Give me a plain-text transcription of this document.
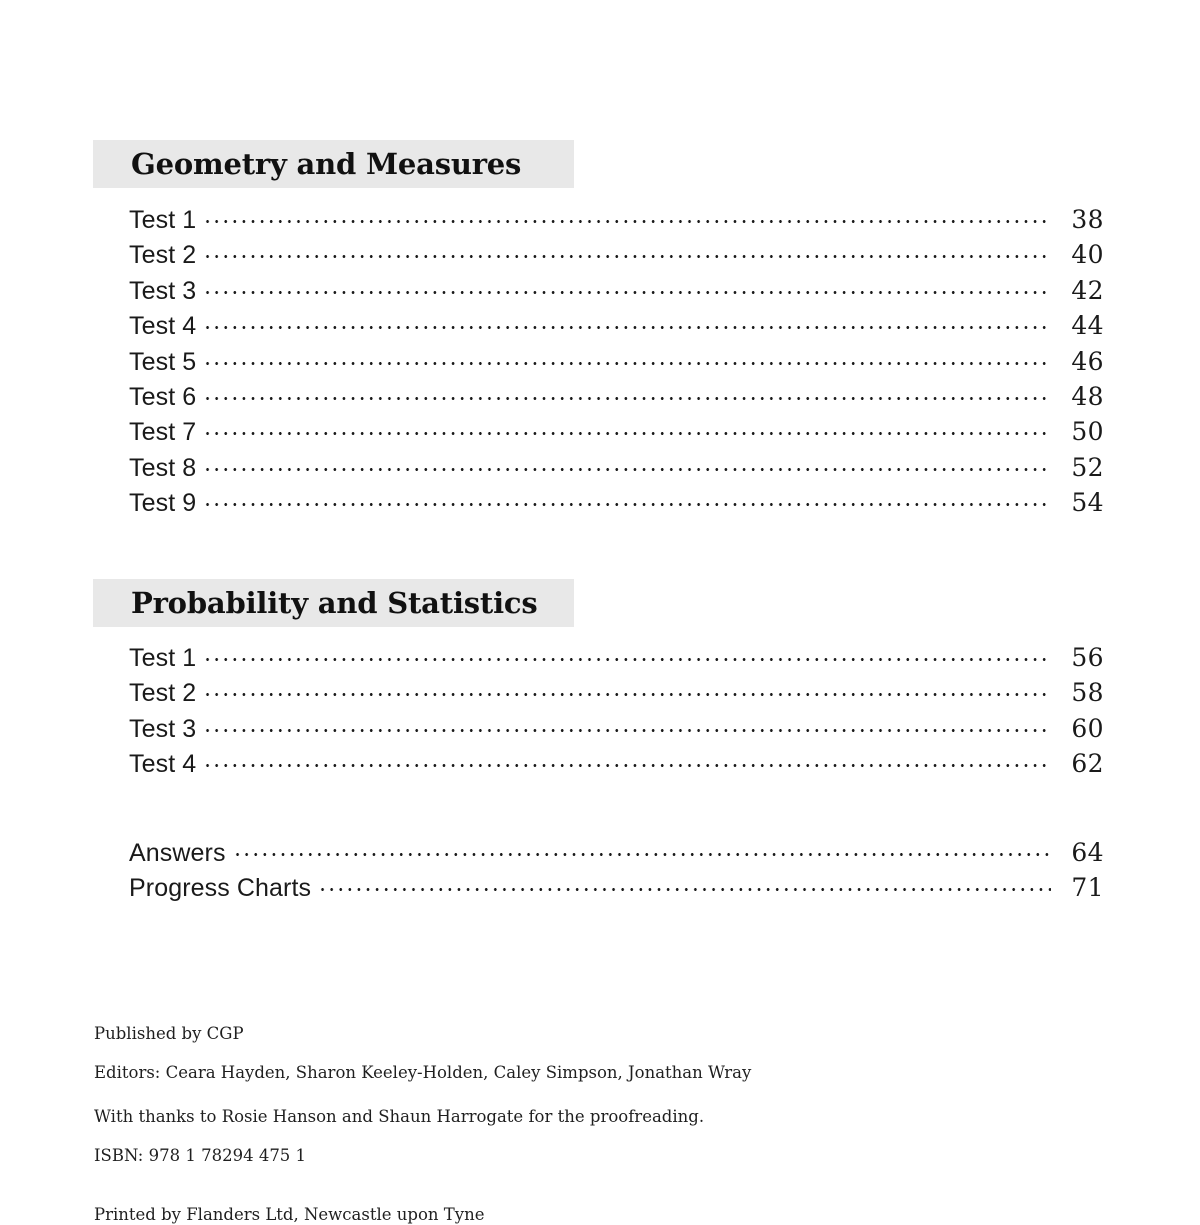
Geometry and Measures
Test 1	38
Test 2	40
Test 3	42
Test 4	44
Test 5	46
Test 6	48
Test 7	50
Test 8	52
Test 9	54
Probability and Statistics
Test 1	56
Test 2	58
Test 3	60
Test 4	62
Answers	64
Progress Charts	71

Published by CGP

Editors: Ceara Hayden, Sharon Keeley-Holden, Caley Simpson, Jonathan Wray

With thanks to Rosie Hanson and Shaun Harrogate for the proofreading.

ISBN: 978 1 78294 475 1

Printed by Flanders Ltd, Newcastle upon Tyne
